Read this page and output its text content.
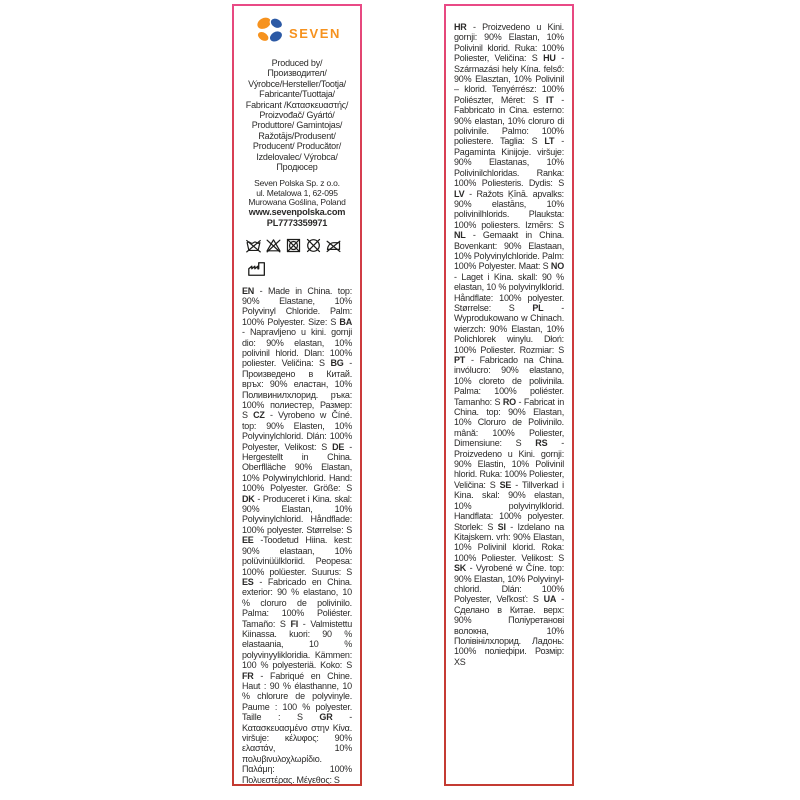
SEVEN
Produced by/
Производител/
Výrobce/Hersteller/Tootja/
Fabricante/Tuottaja/
Fabricant /Κατασκευαστής/
Proizvođač/ Gyártó/
Produttore/ Gamintojas/
Ražotājs/Produsent/
Producent/ Producător/
Izdelovalec/ Výrobca/
Продюсер
Seven Polska Sp. z o.o.
ul. Metalowa 1, 62-095
Murowana Goślina, Poland
www.sevenpolska.com
PL7773359971

EN - Made in China. top: 90% Elastane, 10% Polyvinyl Chloride. Palm: 100% Polyester. Size: S BA - Napravljeno u kini. gornji dio: 90% elastan, 10% polivinil hlorid. Dlan: 100% poliester. Veličina: S BG - Произведено в Китай. връх: 90% еластан, 10% Поливинилхлорид. ръка: 100% полиестер, Размер: S CZ - Vyrobeno w Číné. top: 90% Elasten, 10% Polyvinylchlorid. Dlán: 100% Polyester, Velikost: S DE - Hergestellt in China. Oberflläche 90% Elastan, 10% Polywinylchlorid. Hand: 100% Polyester. Größe: S DK - Produceret i Kina. skal: 90% Elastan, 10% Polyvinylchlorid. Håndflade: 100% polyester. Størrelse: S EE -Toodetud Hiina. kest: 90% elastaan, 10% polüvinüülkloriid. Peopesa: 100% polüester. Suurus: S ES - Fabricado en China. exterior: 90 % elastano, 10 % cloruro de polivinilo. Palma: 100% Poliéster. Tamaño: S FI - Valmistettu Kiinassa. kuori: 90 % elastaania, 10 % polyvinyylikloridia. Kämmen: 100 % polyesteriä. Koko: S FR - Fabriqué en Chine. Haut : 90 % élasthanne, 10 % chlorure de polyvinyle. Paume : 100 % polyester. Taille : S GR - Κατασκευασμένο στην Κίνα. viršuje: κέλυφος: 90% ελαστάν, 10% πολυβινυλοχλωρίδιο. Παλάμη: 100% Πολυεστέρας. Μέγεθος: S

HR - Proizvedeno u Kini. gornji: 90% Elastan, 10% Polivinil klorid. Ruka: 100% Poliester, Veličina: S HU - Származási hely Kína. felső: 90% Elasztan, 10% Polivinil – klorid. Tenyérrész: 100% Poliészter, Méret: S IT - Fabbricato in Cina. esterno: 90% elastan, 10% cloruro di polivinile. Palmo: 100% poliestere. Taglia: S LT - Pagaminta Kinijoje. viršuje: 90% Elastanas, 10% Polivinilchloridas. Ranka: 100% Poliesteris. Dydis: S LV - Ražots Ķīnā. apvalks: 90% elastāns, 10% polivinilhlorids. Plauksta: 100% poliesters. Izmērs: S NL - Gemaakt in China. Bovenkant: 90% Elastaan, 10% Polyvinylchloride. Palm: 100% Polyester. Maat: S NO - Laget i Kina. skall: 90 % elastan, 10 % polyvinylklorid. Håndflate: 100% polyester. Størrelse: S PL - Wyprodukowano w Chinach. wierzch: 90% Elastan, 10% Polichlorek winylu. Dłoń: 100% Poliester. Rozmiar: S PT - Fabricado na China. invólucro: 90% elastano, 10% cloreto de polivinila. Palma: 100% poliéster. Tamanho: S RO - Fabricat in China. top: 90% Elastan, 10% Cloruro de Polivinilo. mână: 100% Poliester, Dimensiune: S RS - Proizvedeno u Kini. gornji: 90% Elastin, 10% Polivinil hlorid. Ruka: 100% Poliester, Veličina: S SE - Tillverkad i Kina. skal: 90% elastan, 10% polyvinylklorid. Handflata: 100% polyester. Storlek: S SI - Izdelano na Kitajskem. vrh: 90% Elastan, 10% Polivinil klorid. Roka: 100% Poliester. Velikost: S SK - Vyrobené w Číne. top: 90% Elastan, 10% Polyvinylchlorid. Dlán: 100% Polyester, Veľkosť: S UA - Сделано в Китае. верх: 90% Поліуретанові волокна, 10% Полівінілхлорид. Ладонь: 100% поліефіри. Розмір: XS
